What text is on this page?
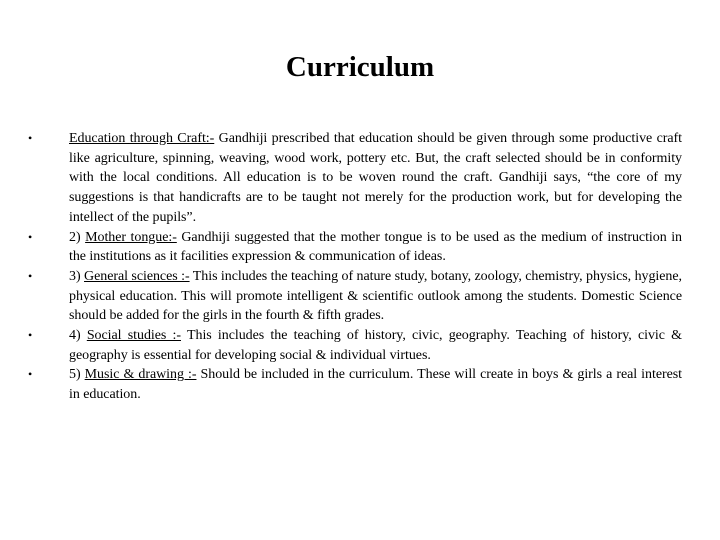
Curriculum
•	Education through Craft:- Gandhiji prescribed that education should be given through some productive craft like agriculture, spinning, weaving, wood work, pottery etc. But, the craft selected should be in conformity with the local conditions. All education is to be woven round the craft. Gandhiji says, “the core of my suggestions is that handicrafts are to be taught not merely for the production work, but for developing the intellect of the pupils”.
•	2) Mother tongue:- Gandhiji suggested that the mother tongue is to be used as the medium of instruction in the institutions as it facilities expression & communication of ideas.
•	3) General sciences :- This includes the teaching of nature study, botany, zoology, chemistry, physics, hygiene, physical education. This will promote intelligent & scientific outlook among the students. Domestic Science should be added for the girls in the fourth & fifth grades.
•	4) Social studies :- This includes the teaching of history, civic, geography. Teaching of history, civic & geography is essential for developing social & individual virtues.
•	5) Music & drawing :- Should be included in the curriculum. These will create in boys & girls a real interest in education.
